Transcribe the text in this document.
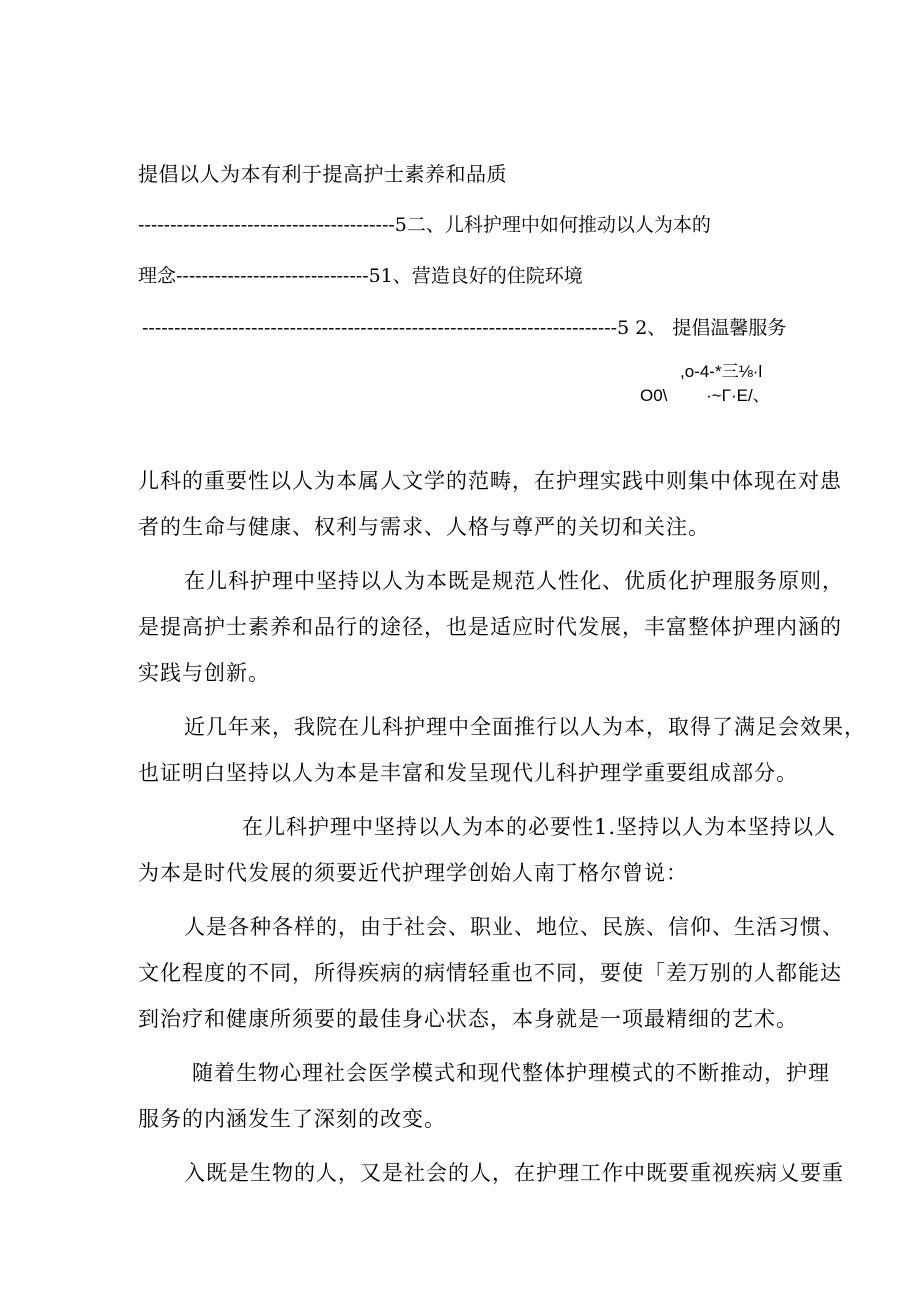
提倡以人为本有利于提高护士素养和品质
----------------------------------------5二、儿科护理中如何推动以人为本的
理念------------------------------51、营造良好的住院环境
--------------------------------------------------------------------------5 2、 提倡温馨服务
,o-4-*三⅛·l
O0\ ·~Γ·E/、
儿科的重要性以人为本属人文学的范畴，在护理实践中则集中体现在对患
者的生命与健康、权利与需求、人格与尊严的关切和关注。
在儿科护理中坚持以人为本既是规范人性化、优质化护理服务原则，
是提高护士素养和品行的途径，也是适应时代发展，丰富整体护理内涵的
实践与创新。
近几年来，我院在儿科护理中全面推行以人为本，取得了满足会效果，
也证明白坚持以人为本是丰富和发呈现代儿科护理学重要组成部分。
在儿科护理中坚持以人为本的必要性1.坚持以人为本坚持以人
为本是时代发展的须要近代护理学创始人南丁格尔曾说：
人是各种各样的，由于社会、职业、地位、民族、信仰、生活习惯、
文化程度的不同，所得疾病的病情轻重也不同，要使「差万别的人都能达
到治疗和健康所须要的最佳身心状态，本身就是一项最精细的艺术。
随着生物心理社会医学模式和现代整体护理模式的不断推动，护理
服务的内涵发生了深刻的改变。
入既是生物的人，又是社会的人，在护理工作中既要重视疾病乂要重
